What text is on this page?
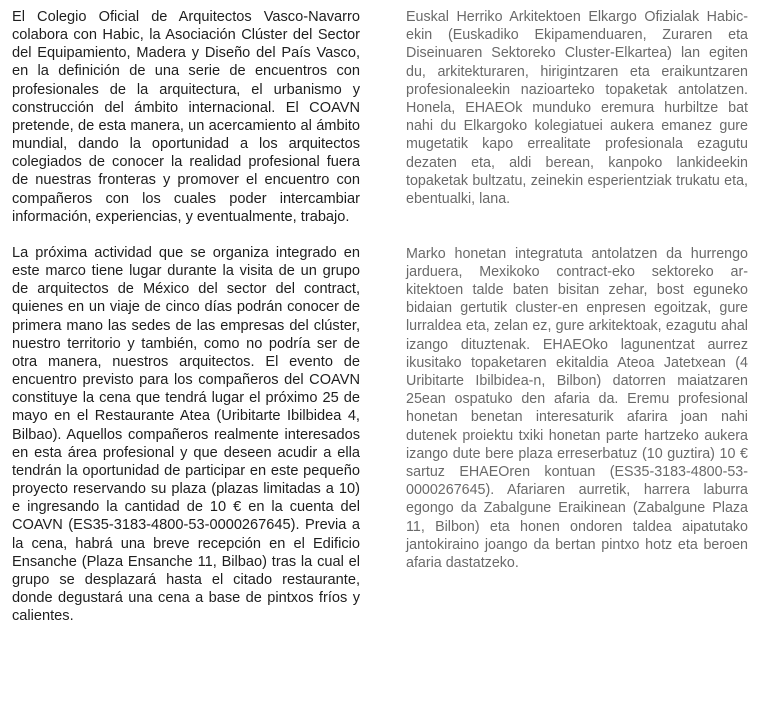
El Colegio Oficial de Arquitectos Vasco-Navarro colabora con Habic, la Asociación Clúster del Sector del Equipamiento, Madera y Diseño del País Vasco, en la definición de una serie de encuentros con profesionales de la arquitectura, el urbanismo y construcción del ámbito internacional. El COAVN pretende, de esta manera, un acercamiento al ámbito mundial, dando la oportunidad a los arquitectos colegiados de conocer la realidad profesional fuera de nuestras fronteras y promover el encuentro con compañeros con los cuales poder intercambiar información, experiencias, y eventualmente, trabajo.

La próxima actividad que se organiza integrado en este marco tiene lugar durante la visita de un grupo de arquitectos de México del sector del contract, quienes en un viaje de cinco días podrán conocer de primera mano las sedes de las empresas del clúster, nuestro territorio y también, como no podría ser de otra manera, nuestros arquitectos. El evento de encuentro previsto para los compañeros del COAVN constituye la cena que tendrá lugar el próximo 25 de mayo en el Restaurante Atea (Uribitarte Ibilbidea 4, Bilbao). Aquellos compañeros realmente interesados en esta área profesional y que deseen acudir a ella tendrán la oportunidad de participar en este pequeño proyecto reservando su plaza (plazas limitadas a 10) e ingresando la cantidad de 10 € en la cuenta del COAVN (ES35-3183-4800-53-0000267645). Previa a la cena, habrá una breve recepción en el Edificio Ensanche (Plaza Ensanche 11, Bilbao) tras la cual el grupo se desplazará hasta el citado restaurante, donde degustará una cena a base de pintxos fríos y calientes.

Euskal Herriko Arkitektoen Elkargo Ofizialak Habic-ekin (Euskadiko Ekipamenduaren, Zuraren eta Diseinuaren Sektoreko Cluster-Elkartea) lan egiten du, arkitekturaren, hirigintzaren eta eraikuntzaren profesionaleekin nazioarteko topaketak antolatzen. Honela, EHAEOk munduko eremura hurbiltze bat nahi du Elkargoko kolegiatuei aukera emanez gure mugetatik kapo errealitate profesionala ezagutu dezaten eta, aldi berean, kanpoko lankideekin topaketak bultzatu, zeinekin esperientziak trukatu eta, ebentualki, lana.

Marko honetan integratuta antolatzen da hurrengo jarduera, Mexikoko contract-eko sektoreko arkitektoen talde baten bisitan zehar, bost eguneko bidaian gertutik cluster-en enpresen egoitzak, gure lurraldea eta, zelan ez, gure arkitektoak, ezagutu ahal izango dituztenak. EHAEOko lagunentzat aurrez ikusitako topaketaren ekitaldia Ateoa Jatetxean (4 Uribitarte Ibilbidea-n, Bilbon) datorren maiatzaren 25ean ospatuko den afaria da. Eremu profesional honetan benetan interesaturik afarira joan nahi dutenek proiektu txiki honetan parte hartzeko aukera izango dute bere plaza erreserbatuz (10 guztira) 10 € sartuz EHAEOren kontuan (ES35-3183-4800-53-0000267645). Afariaren aurretik, harrera laburra egongo da Zabalgune Eraikinean (Zabalgune Plaza 11, Bilbon) eta honen ondoren taldea aipatutako jantokiraino joango da bertan pintxo hotz eta beroen afaria dastatzeko.
